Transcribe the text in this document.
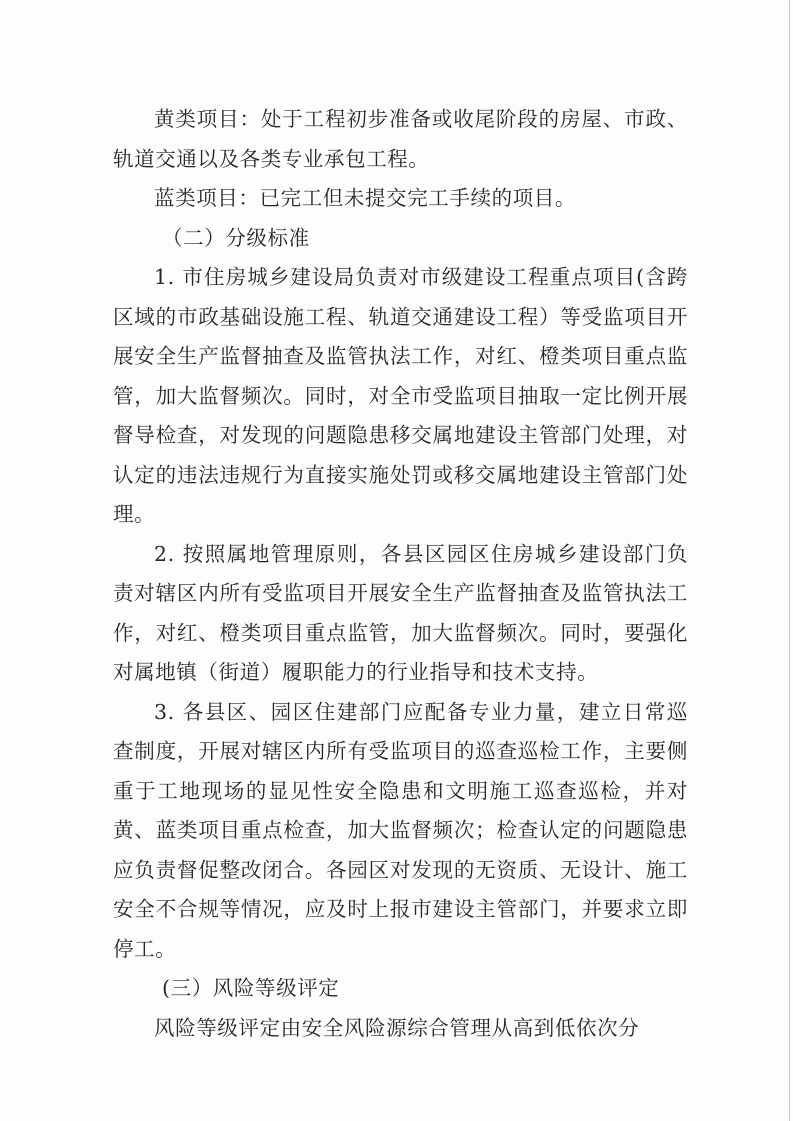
黄类项目：处于工程初步准备或收尾阶段的房屋、市政、轨道交通以及各类专业承包工程。

蓝类项目：已完工但未提交完工手续的项目。

（二）分级标准

1. 市住房城乡建设局负责对市级建设工程重点项目(含跨区域的市政基础设施工程、轨道交通建设工程）等受监项目开展安全生产监督抽查及监管执法工作，对红、橙类项目重点监管，加大监督频次。同时，对全市受监项目抽取一定比例开展督导检查，对发现的问题隐患移交属地建设主管部门处理，对认定的违法违规行为直接实施处罚或移交属地建设主管部门处理。

2. 按照属地管理原则，各县区园区住房城乡建设部门负责对辖区内所有受监项目开展安全生产监督抽查及监管执法工作，对红、橙类项目重点监管，加大监督频次。同时，要强化对属地镇（街道）履职能力的行业指导和技术支持。

3. 各县区、园区住建部门应配备专业力量，建立日常巡查制度，开展对辖区内所有受监项目的巡查巡检工作，主要侧重于工地现场的显见性安全隐患和文明施工巡查巡检，并对黄、蓝类项目重点检查，加大监督频次；检查认定的问题隐患应负责督促整改闭合。各园区对发现的无资质、无设计、施工安全不合规等情况，应及时上报市建设主管部门，并要求立即停工。

(三）风险等级评定

风险等级评定由安全风险源综合管理从高到低依次分
